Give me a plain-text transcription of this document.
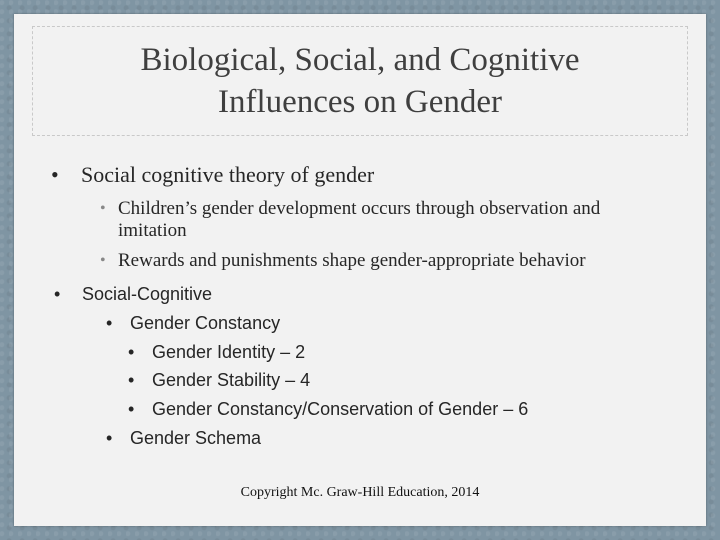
Biological, Social, and Cognitive
Influences on Gender
• Social cognitive theory of gender
• Children’s gender development occurs through observation and
imitation
• Rewards and punishments shape gender-appropriate behavior
• Social-Cognitive
• Gender Constancy
• Gender Identity – 2
• Gender Stability – 4
• Gender Constancy/Conservation of Gender – 6
• Gender Schema
Copyright Mc. Graw-Hill Education, 2014
